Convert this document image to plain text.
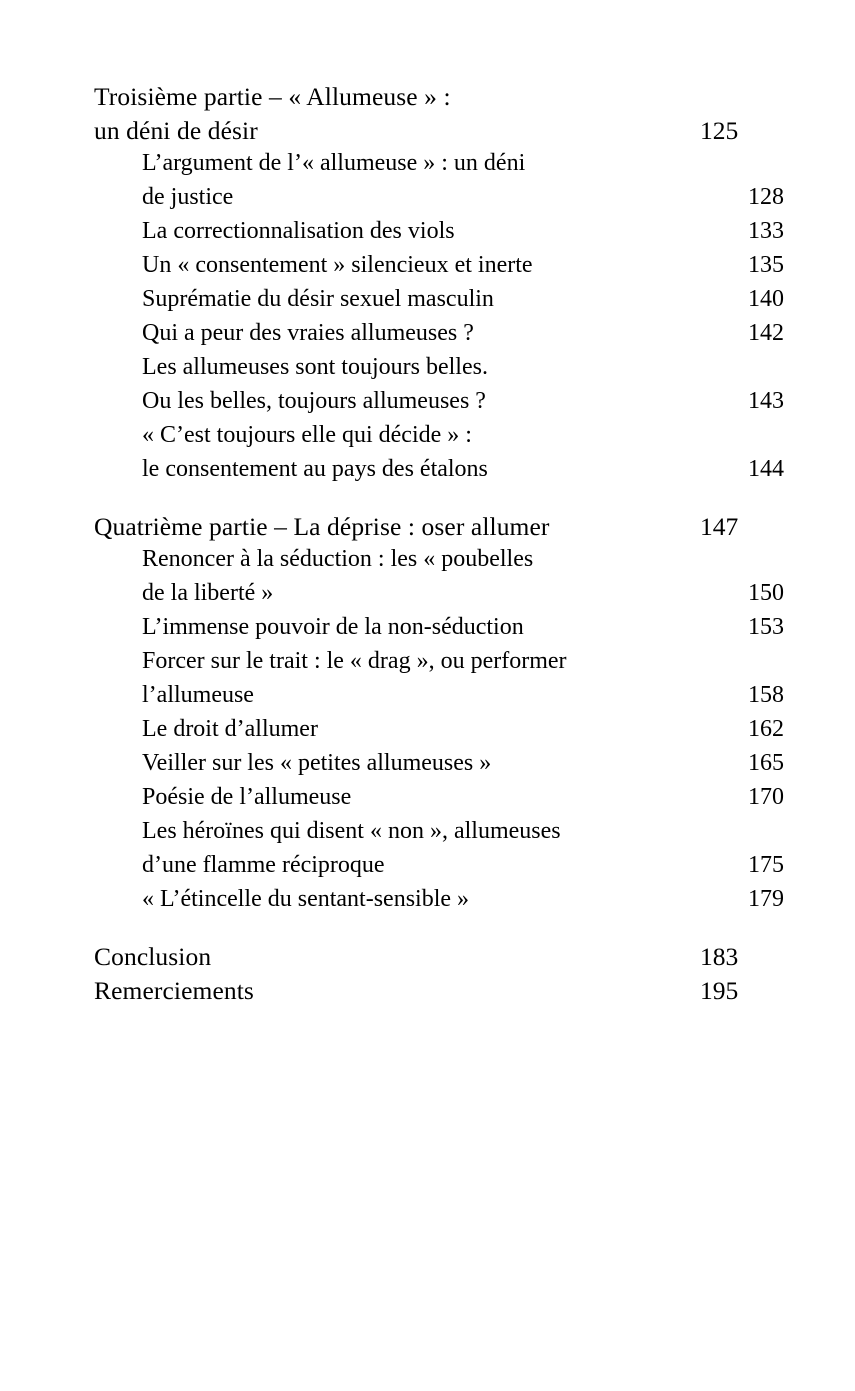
Troisième partie – « Allumeuse » :
un déni de désir	125
L’argument de l’« allumeuse » : un déni
de justice	128
La correctionnalisation des viols	133
Un « consentement » silencieux et inerte	135
Suprématie du désir sexuel masculin	140
Qui a peur des vraies allumeuses ?	142
Les allumeuses sont toujours belles.
Ou les belles, toujours allumeuses ?	143
« C’est toujours elle qui décide » :
le consentement au pays des étalons	144
Quatrième partie – La déprise : oser allumer	147
Renoncer à la séduction : les « poubelles
de la liberté »	150
L’immense pouvoir de la non-séduction	153
Forcer sur le trait : le « drag », ou performer
l’allumeuse	158
Le droit d’allumer	162
Veiller sur les « petites allumeuses »	165
Poésie de l’allumeuse	170
Les héroïnes qui disent « non », allumeuses
d’une flamme réciproque	175
« L’étincelle du sentant-sensible »	179
Conclusion	183
Remerciements	195
